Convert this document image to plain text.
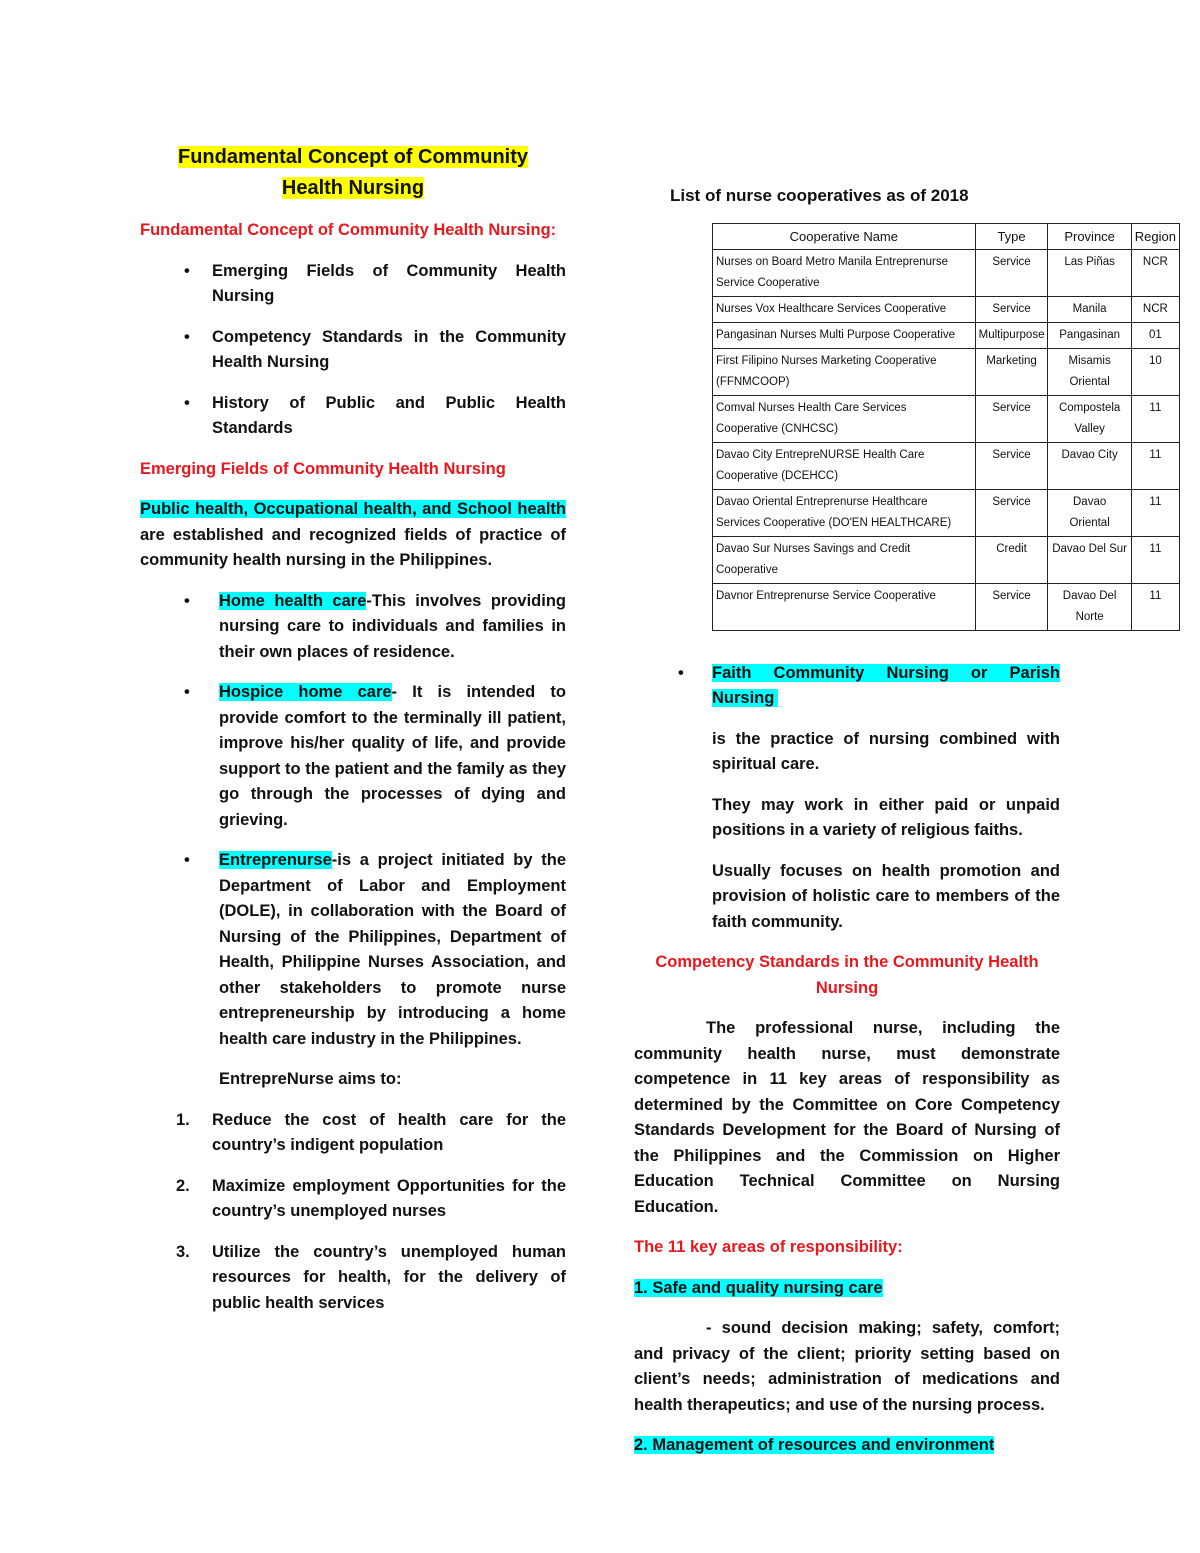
Fundamental Concept of Community
Health Nursing

Fundamental Concept of Community Health Nursing:

• Emerging Fields of Community Health Nursing
• Competency Standards in the Community Health Nursing
• History of Public and Public Health Standards

Emerging Fields of Community Health Nursing

Public health, Occupational health, and School health are established and recognized fields of practice of community health nursing in the Philippines.

• Home health care-This involves providing nursing care to individuals and families in their own places of residence.
• Hospice home care- It is intended to provide comfort to the terminally ill patient, improve his/her quality of life, and provide support to the patient and the family as they go through the processes of dying and grieving.
• Entreprenurse-is a project initiated by the Department of Labor and Employment (DOLE), in collaboration with the Board of Nursing of the Philippines, Department of Health, Philippine Nurses Association, and other stakeholders to promote nurse entrepreneurship by introducing a home health care industry in the Philippines.

EntrepreNurse aims to:

1. Reduce the cost of health care for the country’s indigent population
2. Maximize employment Opportunities for the country’s unemployed nurses
3. Utilize the country’s unemployed human resources for health, for the delivery of public health services

List of nurse cooperatives as of 2018

Cooperative Name	Type	Province	Region
Nurses on Board Metro Manila Entreprenurse Service Cooperative	Service	Las Piñas	NCR
Nurses Vox Healthcare Services Cooperative	Service	Manila	NCR
Pangasinan Nurses Multi Purpose Cooperative	Multipurpose	Pangasinan	01
First Filipino Nurses Marketing Cooperative (FFNMCOOP)	Marketing	Misamis Oriental	10
Comval Nurses Health Care Services Cooperative (CNHCSC)	Service	Compostela Valley	11
Davao City EntrepreNURSE Health Care Cooperative (DCEHCC)	Service	Davao City	11
Davao Oriental Entreprenurse Healthcare Services Cooperative (DO'EN HEALTHCARE)	Service	Davao Oriental	11
Davao Sur Nurses Savings and Credit Cooperative	Credit	Davao Del Sur	11
Davnor Entreprenurse Service Cooperative	Service	Davao Del Norte	11
• Faith Community Nursing or Parish Nursing

is the practice of nursing combined with spiritual care.

They may work in either paid or unpaid positions in a variety of religious faiths.

Usually focuses on health promotion and provision of holistic care to members of the faith community.

Competency Standards in the Community Health Nursing

The professional nurse, including the community health nurse, must demonstrate competence in 11 key areas of responsibility as determined by the Committee on Core Competency Standards Development for the Board of Nursing of the Philippines and the Commission on Higher Education Technical Committee on Nursing Education.

The 11 key areas of responsibility:

1. Safe and quality nursing care

- sound decision making; safety, comfort; and privacy of the client; priority setting based on client’s needs; administration of medications and health therapeutics; and use of the nursing process.

2. Management of resources and environment
